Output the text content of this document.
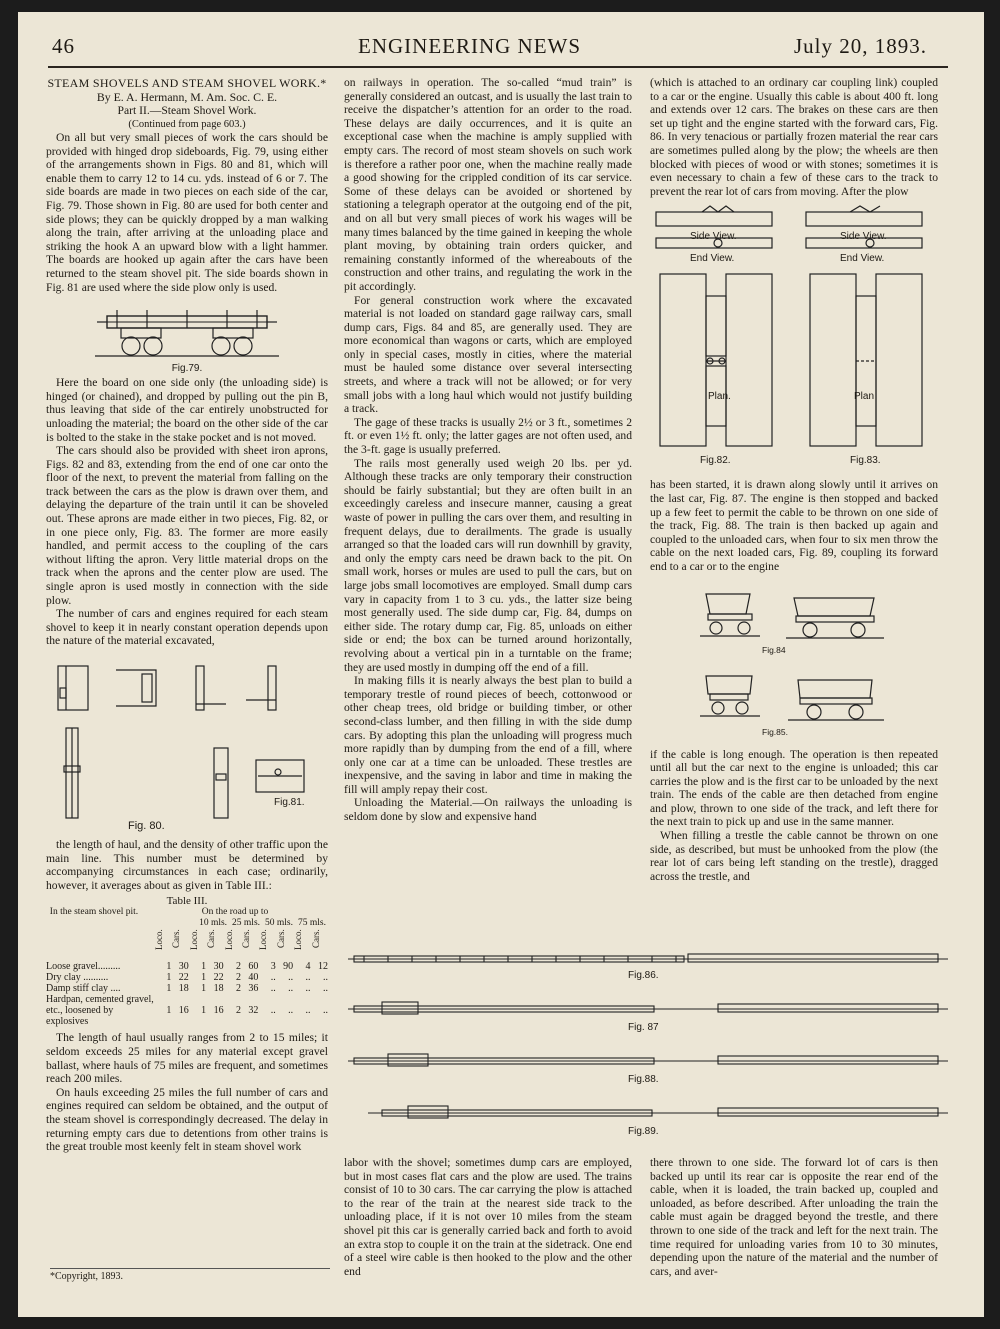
46	ENGINEERING NEWS	July 20, 1893.
STEAM SHOVELS AND STEAM SHOVEL WORK.*
By E. A. Hermann, M. Am. Soc. C. E.
Part II.—Steam Shovel Work.
(Continued from page 603.)

On all but very small pieces of work the cars should be provided with hinged drop sideboards, Fig. 79, using either of the arrangements shown in Figs. 80 and 81, which will enable them to carry 12 to 14 cu. yds. instead of 6 or 7. The side boards are made in two pieces on each side of the car, Fig. 79. Those shown in Fig. 80 are used for both center and side plows; they can be quickly dropped by a man walking along the train, after arriving at the unloading place and striking the hook A an upward blow with a light hammer. The boards are hooked up again after the cars have been returned to the steam shovel pit. The side boards shown in Fig. 81 are used where the side plow only is used.

Fig.79.

Here the board on one side only (the unloading side) is hinged (or chained), and dropped by pulling out the pin B, thus leaving that side of the car entirely unobstructed for unloading the material; the board on the other side of the car is bolted to the stake in the stake pocket and is not moved.

The cars should also be provided with sheet iron aprons, Figs. 82 and 83, extending from the end of one car onto the floor of the next, to prevent the material from falling on the track between the cars as the plow is drawn over them, and delaying the departure of the train until it can be shoveled out. These aprons are made either in two pieces, Fig. 82, or in one piece only, Fig. 83. The former are more easily handled, and permit access to the coupling of the cars without lifting the apron. Very little material drops on the track when the aprons and the center plow are used. The single apron is used mostly in connection with the side plow.

The number of cars and engines required for each steam shovel to keep it in nearly constant operation depends upon the nature of the material excavated,

Fig.81.
Fig. 80.

the length of haul, and the density of other traffic upon the main line. This number must be determined by accompanying circumstances in each case; ordinarily, however, it averages about as given in Table III.:

Table III.
In the steam shovel pit.	On the road up to
10 mls. 25 mls. 50 mls. 75 mls.

	Loco.	Cars.	Loco.	Cars.	Loco.	Cars.	Loco.	Cars.	Loco.	Cars.

Loose gravel.........	1	30	1	30	2	60	3	90	4	12
Dry clay ..........	1	22	1	22	2	40	..	..	..	..
Damp stiff clay ....	1	18	1	18	2	36	..	..	..	..
Hardpan, cemented gravel, etc., loosened by explosives	1	16	1	16	2	32	..	..	..	..

The length of haul usually ranges from 2 to 15 miles; it seldom exceeds 25 miles for any material except gravel ballast, where hauls of 75 miles are frequent, and sometimes reach 200 miles.

On hauls exceeding 25 miles the full number of cars and engines required can seldom be obtained, and the output of the steam shovel is correspondingly decreased. The delay in returning empty cars due to detentions from other trains is the great trouble most keenly felt in steam shovel work

*Copyright, 1893.

on railways in operation. The so-called “mud train” is generally considered an outcast, and is usually the last train to receive the dispatcher’s attention for an order to the road. These delays are daily occurrences, and it is quite an exceptional case when the machine is amply supplied with empty cars. The record of most steam shovels on such work is therefore a rather poor one, when the machine really made a good showing for the crippled condition of its car service. Some of these delays can be avoided or shortened by stationing a telegraph operator at the outgoing end of the pit, and on all but very small pieces of work his wages will be many times balanced by the time gained in keeping the whole plant moving, by obtaining train orders quicker, and remaining constantly informed of the whereabouts of the construction and other trains, and regulating the work in the pit accordingly.

For general construction work where the excavated material is not loaded on standard gage railway cars, small dump cars, Figs. 84 and 85, are generally used. They are more economical than wagons or carts, which are employed only in special cases, mostly in cities, where the material must be hauled some distance over several intersecting streets, and where a track will not be allowed; or for very small jobs with a long haul which would not justify building a track.

The gage of these tracks is usually 2½ or 3 ft., sometimes 2 ft. or even 1½ ft. only; the latter gages are not often used, and the 3-ft. gage is usually preferred.

The rails most generally used weigh 20 lbs. per yd. Although these tracks are only temporary their construction should be fairly substantial; but they are often built in an exceedingly careless and insecure manner, causing a great waste of power in pulling the cars over them, and resulting in frequent delays, due to derailments. The grade is usually arranged so that the loaded cars will run downhill by gravity, and only the empty cars need be drawn back to the pit. On small work, horses or mules are used to pull the cars, but on large jobs small locomotives are employed. Small dump cars vary in capacity from 1 to 3 cu. yds., the latter size being most generally used. The side dump car, Fig. 84, dumps on either side. The rotary dump car, Fig. 85, unloads on either side or end; the box can be turned around horizontally, revolving about a vertical pin in a turntable on the frame; they are used mostly in dumping off the end of a fill.

In making fills it is nearly always the best plan to build a temporary trestle of round pieces of beech, cottonwood or other cheap trees, old bridge or building timber, or other second-class lumber, and then filling in with the side dump cars. By adopting this plan the unloading will progress much more rapidly than by dumping from the end of a fill, where only one car at a time can be unloaded. These trestles are inexpensive, and the saving in labor and time in making the fill will amply repay their cost.

Unloading the Material.—On railways the unloading is seldom done by slow and expensive hand

(which is attached to an ordinary car coupling link) coupled to a car or the engine. Usually this cable is about 400 ft. long and extends over 12 cars. The brakes on these cars are then set up tight and the engine started with the forward cars, Fig. 86. In very tenacious or partially frozen material the rear cars are sometimes pulled along by the plow; the wheels are then blocked with pieces of wood or with stones; sometimes it is even necessary to chain a few of these cars to the track to prevent the rear lot of cars from moving. After the plow

Side View.	Side View.
End View.	End View.
Plan.	Plan
Fig.82.	Fig.83.

has been started, it is drawn along slowly until it arrives on the last car, Fig. 87. The engine is then stopped and backed up a few feet to permit the cable to be thrown on one side of the track, Fig. 88. The train is then backed up again and coupled to the unloaded cars, when four to six men throw the cable on the next loaded cars, Fig. 89, coupling its forward end to a car or to the engine

Fig.84
Fig.85.

if the cable is long enough. The operation is then repeated until all but the car next to the engine is unloaded; this car carries the plow and is the first car to be unloaded by the next train. The ends of the cable are then detached from engine and plow, thrown to one side of the track, and left there for the next train to pick up and use in the same manner.

When filling a trestle the cable cannot be thrown on one side, as described, but must be unhooked from the plow (the rear lot of cars being left standing on the trestle), dragged across the trestle, and

Fig.86.
Fig. 87
Fig.88.
Fig.89.

labor with the shovel; sometimes dump cars are employed, but in most cases flat cars and the plow are used. The trains consist of 10 to 30 cars. The car carrying the plow is attached to the rear of the train at the nearest side track to the unloading place, if it is not over 10 miles from the steam shovel pit this car is generally carried back and forth to avoid an extra stop to couple it on the train at the sidetrack. One end of a steel wire cable is then hooked to the plow and the other end

there thrown to one side. The forward lot of cars is then backed up until its rear car is opposite the rear end of the cable, when it is loaded, the train backed up, coupled and unloaded, as before described. After unloading the train the cable must again be dragged beyond the trestle, and there thrown to one side of the track and left for the next train. The time required for unloading varies from 10 to 30 minutes, depending upon the nature of the material and the number of cars, and aver-
